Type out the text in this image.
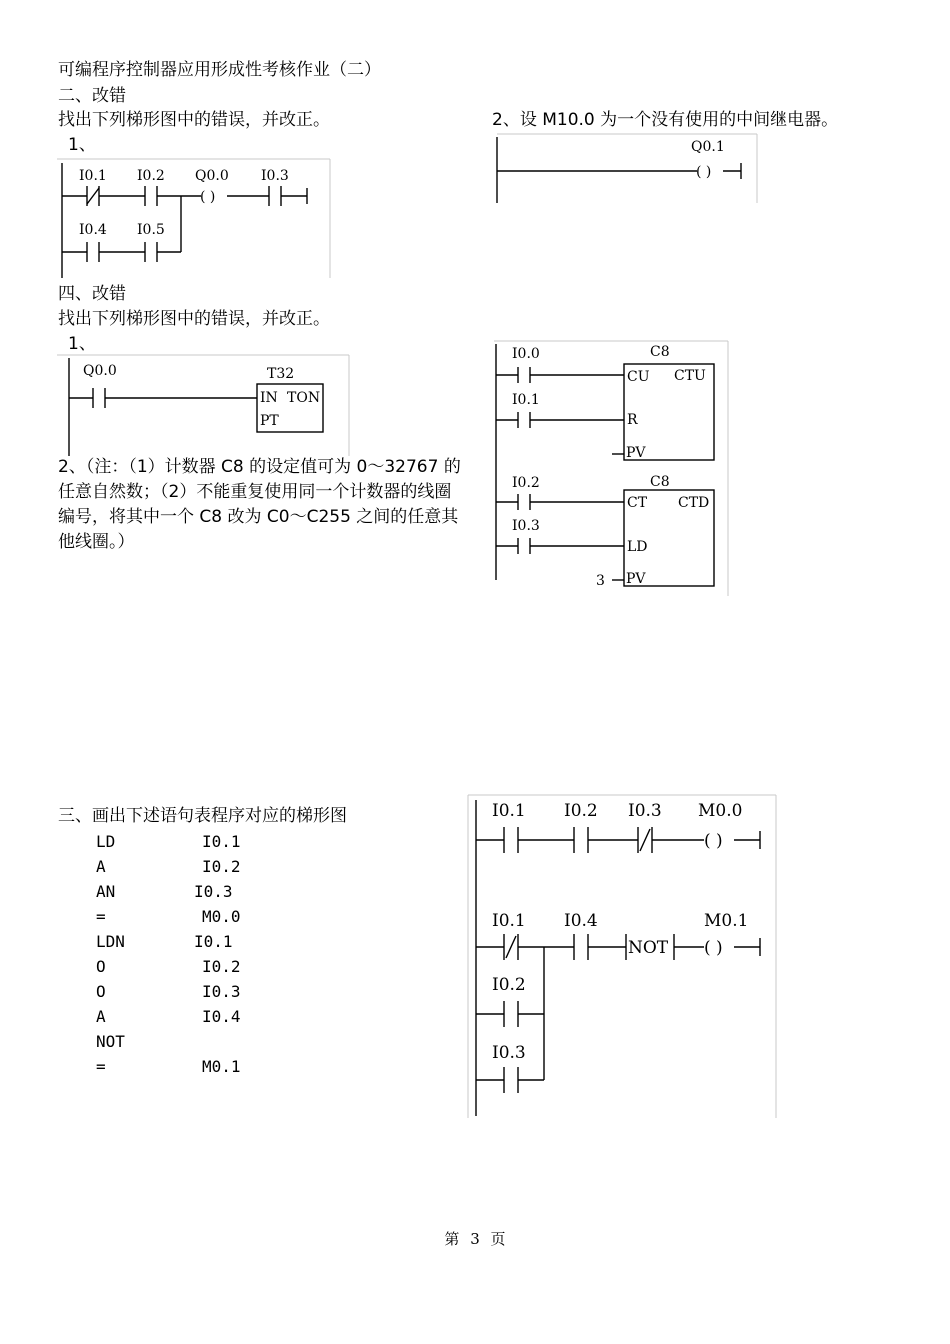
可编程序控制器应用形成性考核作业（二）
二、改错
找出下列梯形图中的错误，并改正。
1、
2、设 M10.0 为一个没有使用的中间继电器。
I0.1 I0.2 Q0.0 I0.3
( )
I0.4 I0.5
Q0.1
( )
四、改错
找出下列梯形图中的错误，并改正。
1、
Q0.0	T32
IN TON
PT
2、（注：（1）计数器 C8 的设定值可为 0～32767 的任意自然数；（2）不能重复使用同一个计数器的线圈编号，将其中一个 C8 改为 C0～C255 之间的任意其他线圈。）
I0.0	C8
CU CTU
I0.1
R
PV
I0.2	C8
CT CTD
I0.3
LD
3 PV
三、画出下述语句表程序对应的梯形图
LD	I0.1
A	I0.2
AN	I0.3
=	M0.0
LDN	I0.1
O	I0.2
O	I0.3
A	I0.4
NOT
=	M0.1
I0.1 I0.2 I0.3 M0.0
( )
I0.1 I0.4	M0.1
NOT ( )
I0.2
I0.3
第 3 页
